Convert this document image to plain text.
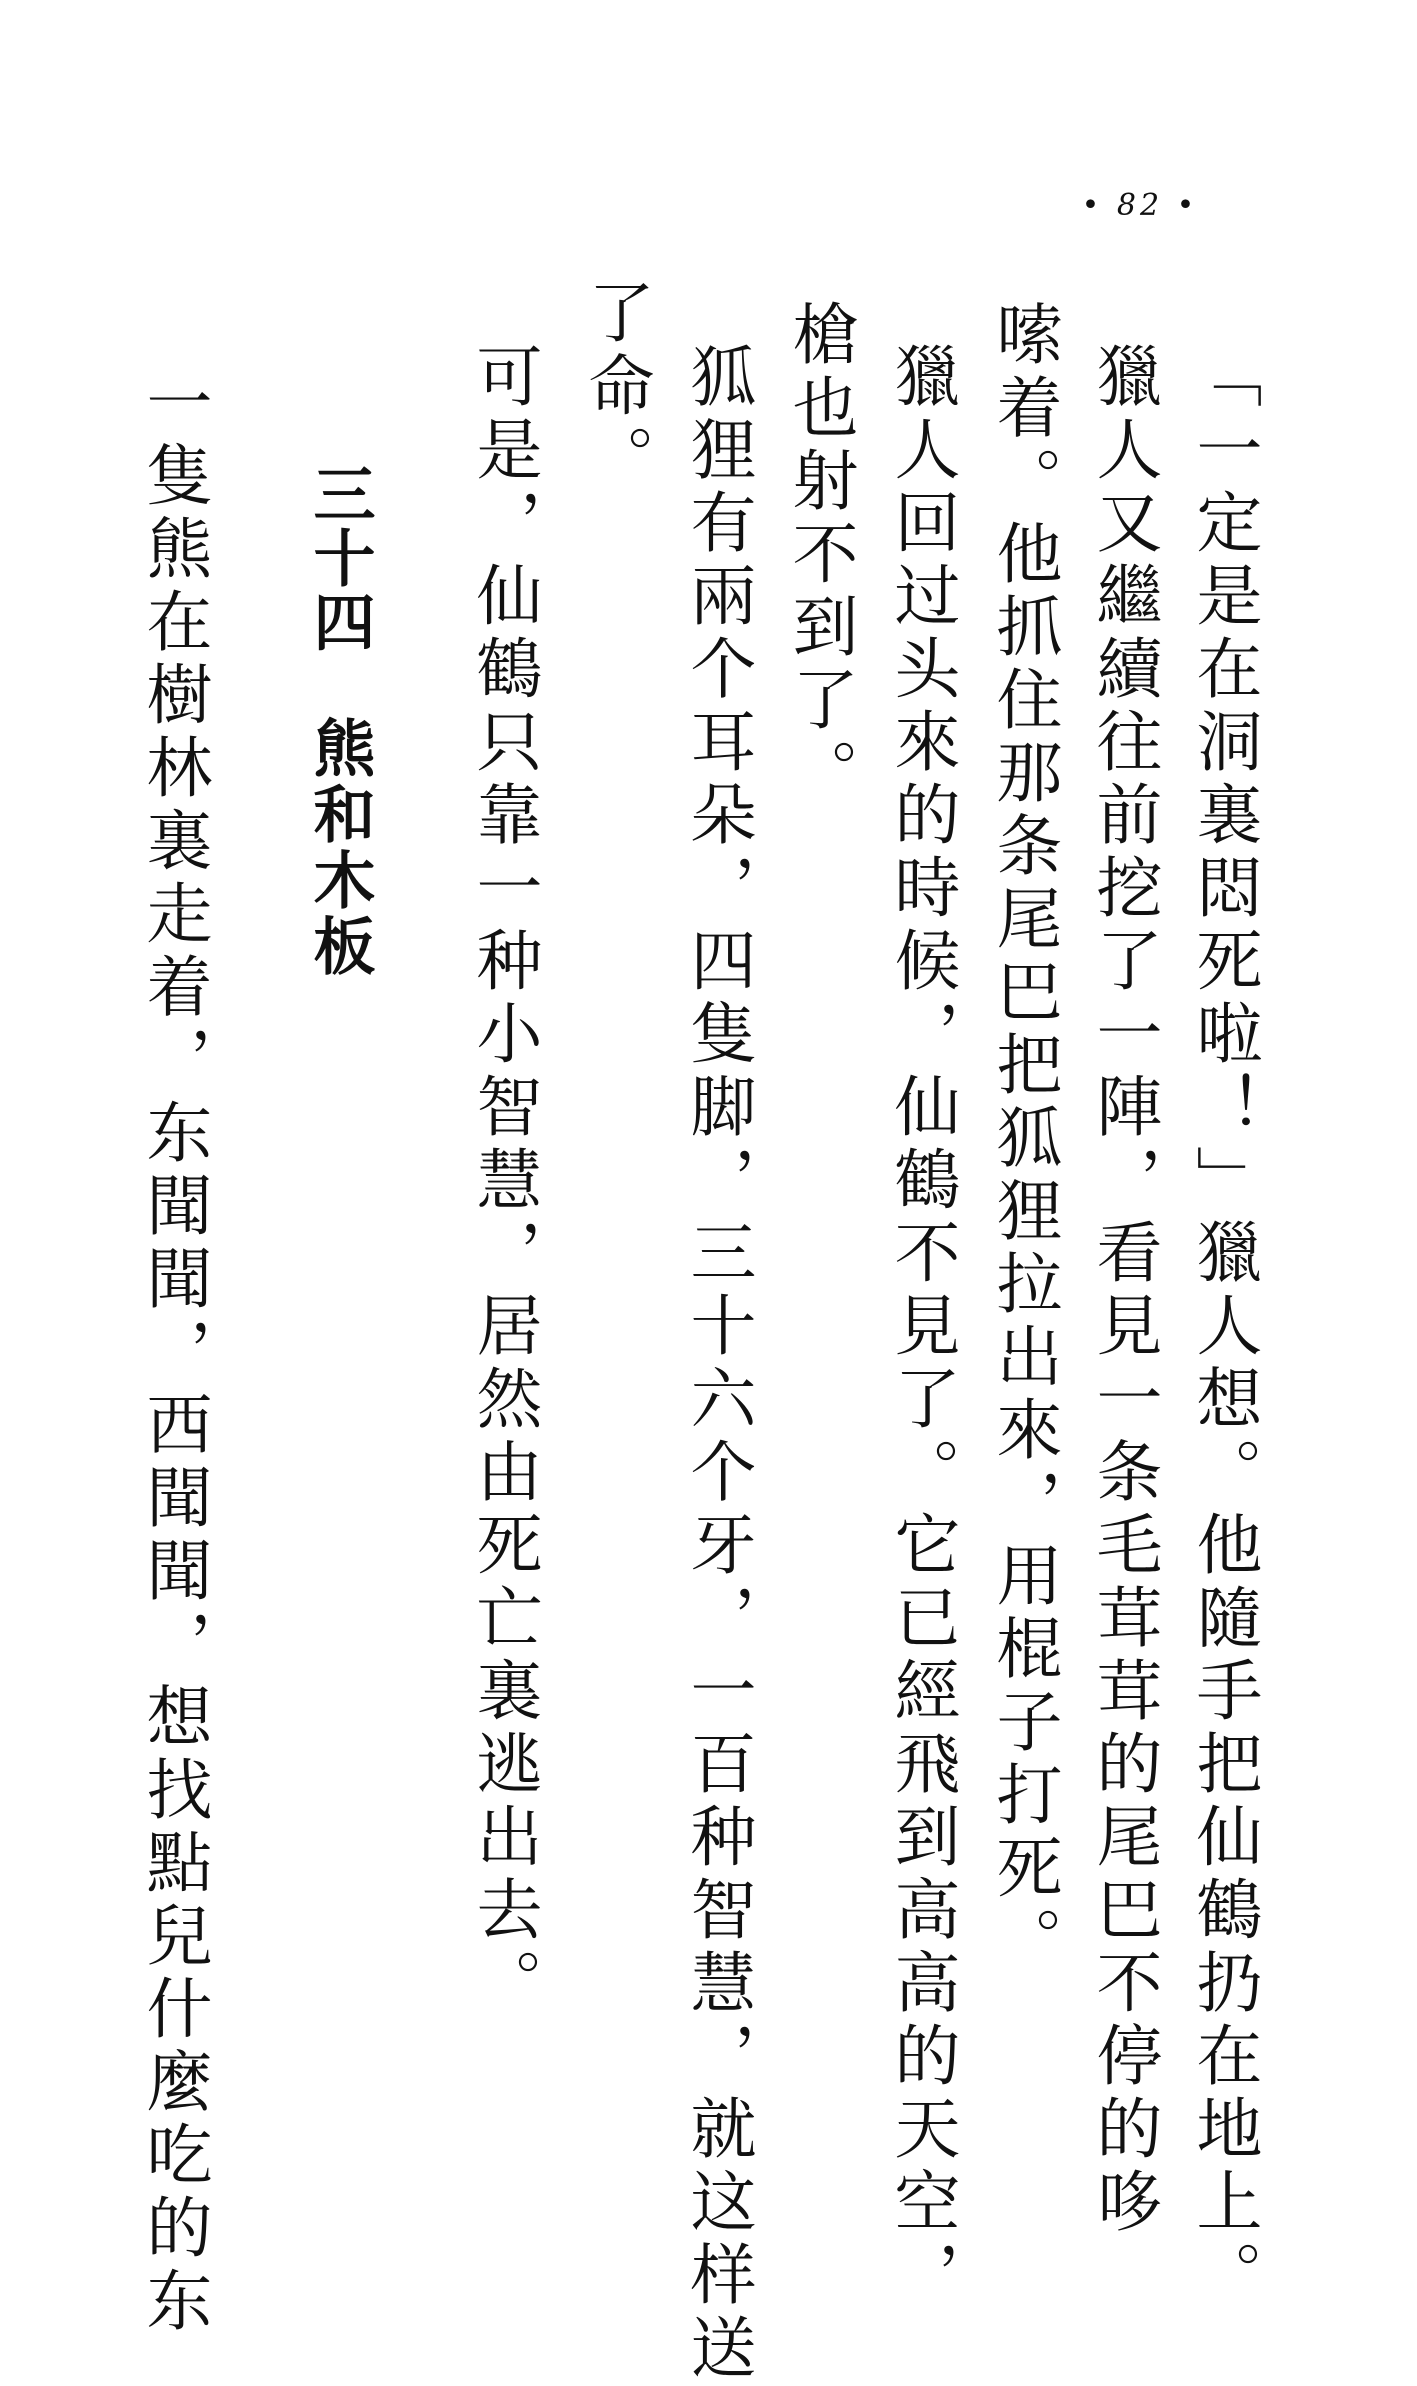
• 82 •
「一定是在洞裏悶死啦！」獵人想。他隨手把仙鶴扔在地上。
獵人又繼續往前挖了一陣，看見一条毛茸茸的尾巴不停的哆
嗦着。他抓住那条尾巴把狐狸拉出來，用棍子打死。
獵人回过头來的時候，仙鶴不見了。它已經飛到高高的天空，
槍也射不到了。
狐狸有兩个耳朵，四隻脚，三十六个牙，一百种智慧，就这样送
了命。
可是，仙鶴只靠一种小智慧，居然由死亡裏逃出去。
三十四
熊和木板
一隻熊在樹林裏走着，东聞聞，西聞聞，想找點兒什麼吃的东
